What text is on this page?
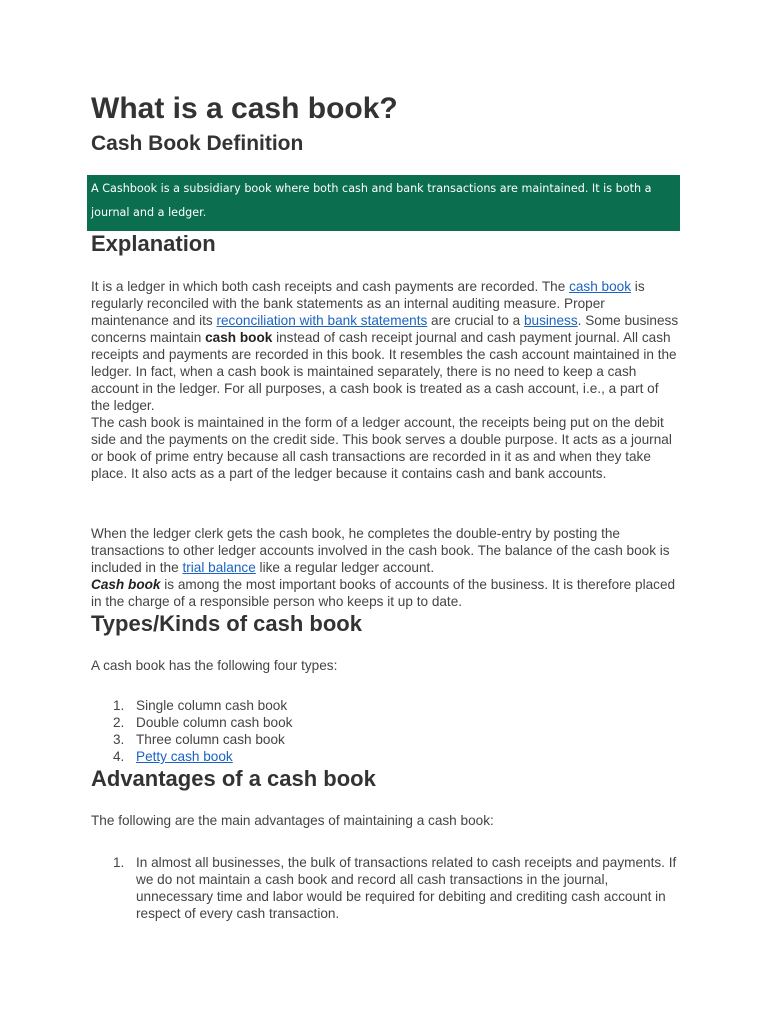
What is a cash book?
Cash Book Definition
A Cashbook is a subsidiary book where both cash and bank transactions are maintained. It is both a journal and a ledger.
Explanation

It is a ledger in which both cash receipts and cash payments are recorded. The cash book is regularly reconciled with the bank statements as an internal auditing measure. Proper maintenance and its reconciliation with bank statements are crucial to a business. Some business concerns maintain cash book instead of cash receipt journal and cash payment journal. All cash receipts and payments are recorded in this book. It resembles the cash account maintained in the ledger. In fact, when a cash book is maintained separately, there is no need to keep a cash account in the ledger. For all purposes, a cash book is treated as a cash account, i.e., a part of the ledger.
The cash book is maintained in the form of a ledger account, the receipts being put on the debit side and the payments on the credit side. This book serves a double purpose. It acts as a journal or book of prime entry because all cash transactions are recorded in it as and when they take place. It also acts as a part of the ledger because it contains cash and bank accounts.

When the ledger clerk gets the cash book, he completes the double-entry by posting the transactions to other ledger accounts involved in the cash book. The balance of the cash book is included in the trial balance like a regular ledger account.
Cash book is among the most important books of accounts of the business. It is therefore placed in the charge of a responsible person who keeps it up to date.

Types/Kinds of cash book

A cash book has the following four types:

1. Single column cash book
2. Double column cash book
3. Three column cash book
4. Petty cash book
Advantages of a cash book

The following are the main advantages of maintaining a cash book:

1. In almost all businesses, the bulk of transactions related to cash receipts and payments. If we do not maintain a cash book and record all cash transactions in the journal, unnecessary time and labor would be required for debiting and crediting cash account in respect of every cash transaction.
